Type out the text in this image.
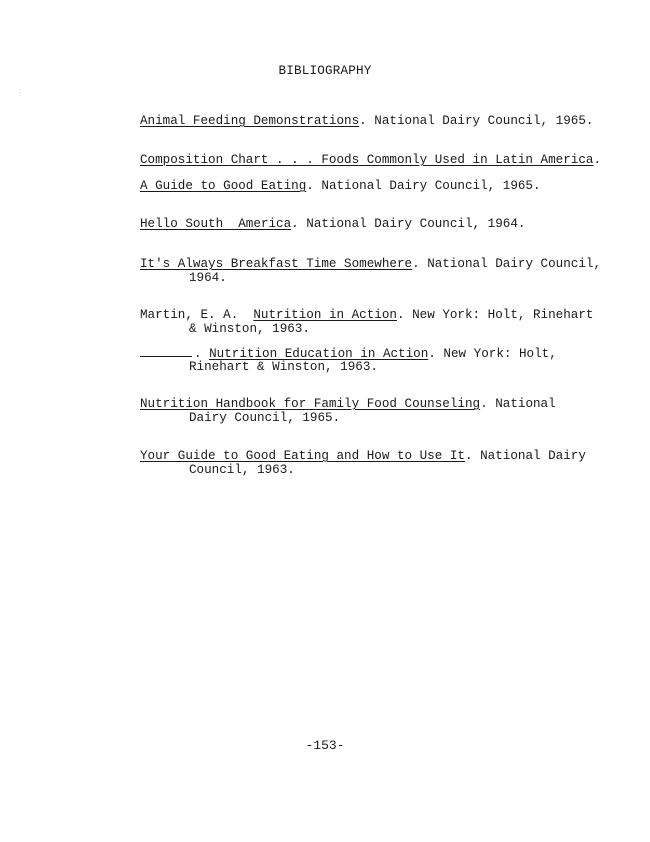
⋮
BIBLIOGRAPHY
Animal Feeding Demonstrations. National Dairy Council, 1965.
Composition Chart . . . Foods Commonly Used in Latin America.
A Guide to Good Eating. National Dairy Council, 1965.
Hello South  America. National Dairy Council, 1964.
It's Always Breakfast Time Somewhere. National Dairy Council,
1964.
Martin, E. A. Nutrition in Action. New York: Holt, Rinehart
& Winston, 1963.
. Nutrition Education in Action. New York: Holt,
Rinehart & Winston, 1963.
Nutrition Handbook for Family Food Counseling. National
Dairy Council, 1965.
Your Guide to Good Eating and How to Use It. National Dairy
Council, 1963.
-153-
